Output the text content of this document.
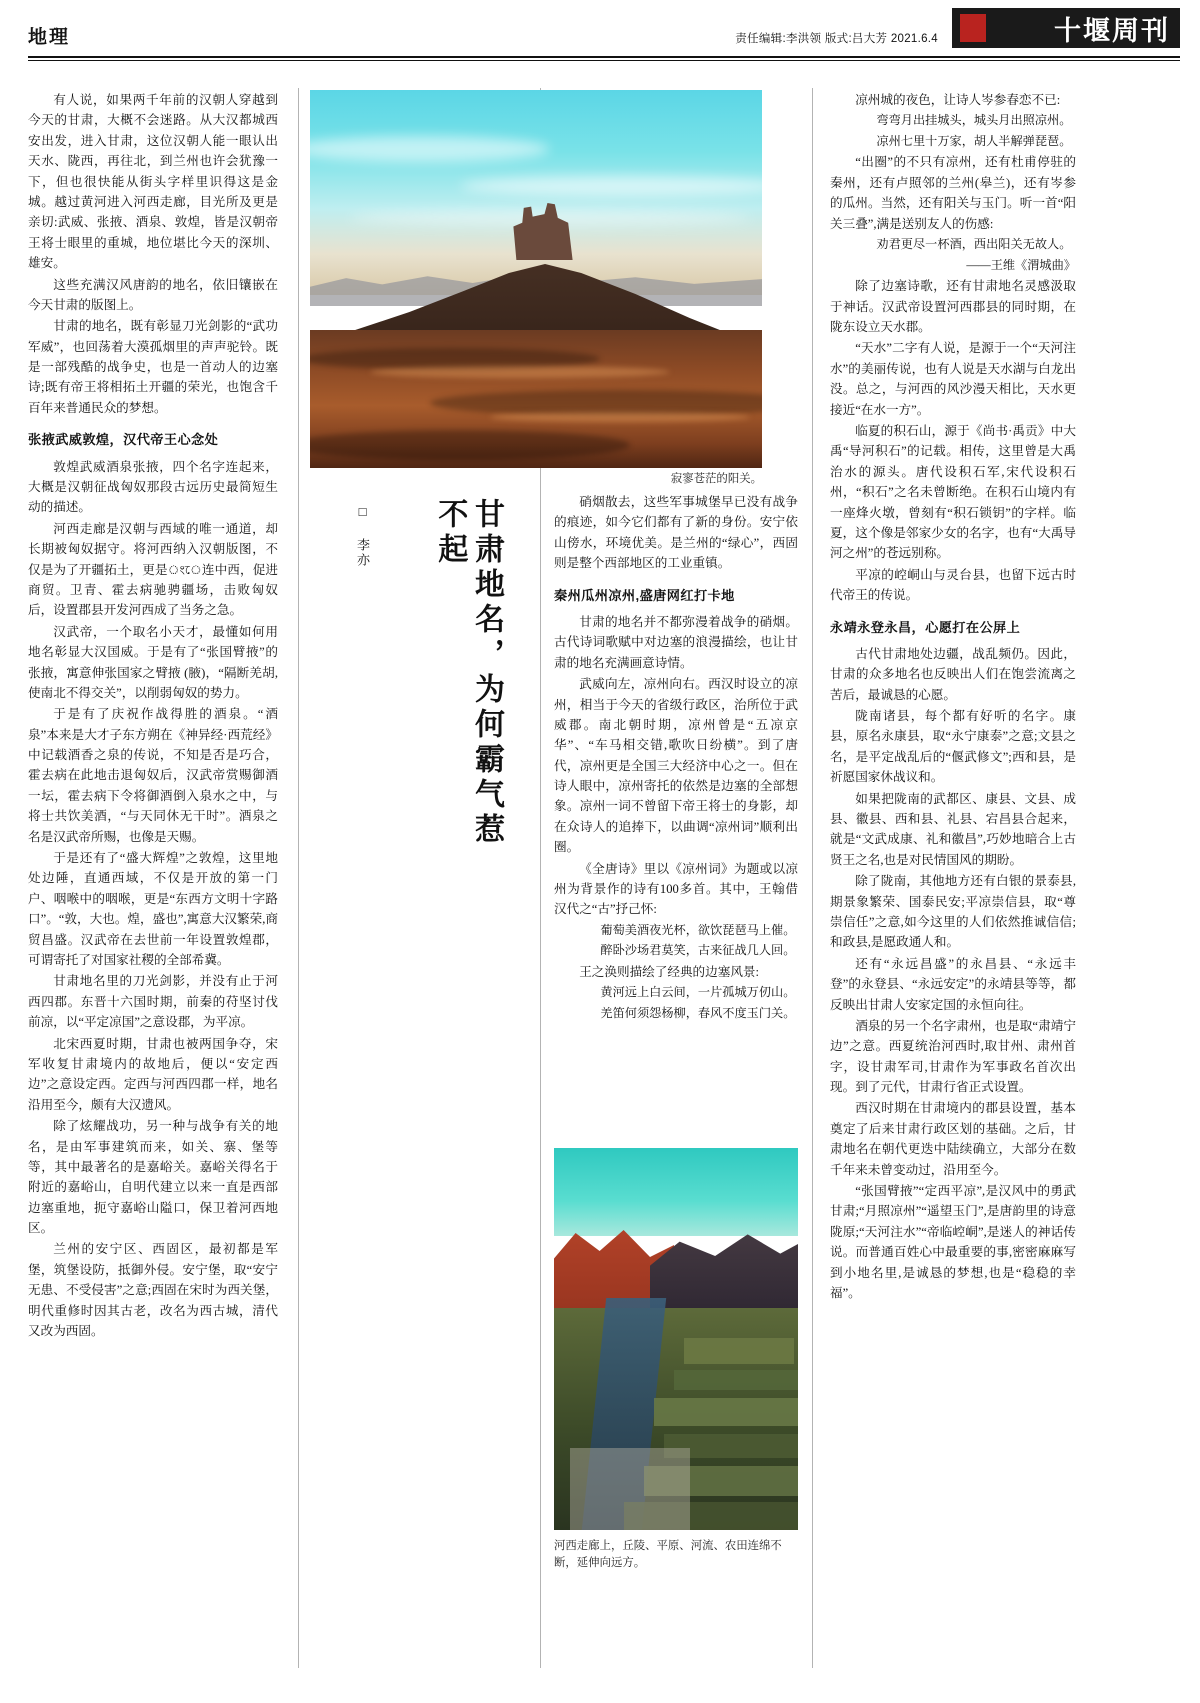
地理	责任编辑:李洪领 版式:吕大芳 2021.6.4	十堰周刊

有人说，如果两千年前的汉朝人穿越到今天的甘肃，大概不会迷路。从大汉都城西安出发，进入甘肃，这位汉朝人能一眼认出天水、陇西，再往北，到兰州也许会犹豫一下，但也很快能从街头字样里识得这是金城。越过黄河进入河西走廊，目光所及更是亲切:武威、张掖、酒泉、敦煌，皆是汉朝帝王将士眼里的重城，地位堪比今天的深圳、雄安。

这些充满汉风唐韵的地名，依旧镶嵌在今天甘肃的版图上。

甘肃的地名，既有彰显刀光剑影的“武功军威”，也回荡着大漠孤烟里的声声驼铃。既是一部残酷的战争史，也是一首动人的边塞诗;既有帝王将相拓土开疆的荣光，也饱含千百年来普通民众的梦想。

张掖武威敦煌，汉代帝王心念处

敦煌武威酒泉张掖，四个名字连起来，大概是汉朝征战匈奴那段古远历史最简短生动的描述。

河西走廊是汉朝与西域的唯一通道，却长期被匈奴据守。将河西纳入汉朝版图，不仅是为了开疆拓土，更是ংে连中西，促进商贸。卫青、霍去病驰骋疆场，击败匈奴后，设置郡县开发河西成了当务之急。

汉武帝，一个取名小天才，最懂如何用地名彰显大汉国威。于是有了“张国臂掖”的张掖，寓意伸张国家之臂掖 (腋)，“隔断羌胡,使南北不得交关”，以削弱匈奴的势力。

于是有了庆祝作战得胜的酒泉。“酒泉”本来是大才子东方朔在《神异经·西荒经》中记载酒香之泉的传说，不知是否是巧合，霍去病在此地击退匈奴后，汉武帝赏赐御酒一坛，霍去病下令将御酒倒入泉水之中，与将士共饮美酒，“与天同休无干时”。酒泉之名是汉武帝所赐，也像是天赐。

于是还有了“盛大辉煌”之敦煌，这里地处边陲，直通西域，不仅是开放的第一门户、咽喉中的咽喉，更是“东西方文明十字路口”。“敦，大也。煌，盛也”,寓意大汉繁荣,商贸昌盛。汉武帝在去世前一年设置敦煌郡，可谓寄托了对国家社稷的全部希冀。

甘肃地名里的刀光剑影，并没有止于河西四郡。东晋十六国时期，前秦的苻坚讨伐前凉，以“平定凉国”之意设郡，为平凉。

北宋西夏时期，甘肃也被两国争夺，宋军收复甘肃境内的故地后，便以“安定西边”之意设定西。定西与河西四郡一样，地名沿用至今，颇有大汉遗风。

除了炫耀战功，另一种与战争有关的地名，是由军事建筑而来，如关、寨、堡等等，其中最著名的是嘉峪关。嘉峪关得名于附近的嘉峪山，自明代建立以来一直是西部边塞重地，扼守嘉峪山隘口，保卫着河西地区。

兰州的安宁区、西固区，最初都是军堡，筑堡设防，抵御外侵。安宁堡，取“安宁无患、不受侵害”之意;西固在宋时为西关堡，明代重修时因其古老，改名为西古城，清代又改为西固。

寂寥苍茫的阳关。
□ 李亦	甘肃地名，为何霸气惹不起	硝烟散去，这些军事城堡早已没有战争的痕迹，如今它们都有了新的身份。安宁依山傍水，环境优美。是兰州的“绿心”，西固则是整个西部地区的工业重镇。

秦州瓜州凉州,盛唐网红打卡地

甘肃的地名并不都弥漫着战争的硝烟。古代诗词歌赋中对边塞的浪漫描绘，也让甘肃的地名充满画意诗情。

武威向左，凉州向右。西汉时设立的凉州，相当于今天的省级行政区，治所位于武威郡。南北朝时期，凉州曾是“五凉京华”、“车马相交错,歌吹日纷横”。到了唐代，凉州更是全国三大经济中心之一。但在诗人眼中，凉州寄托的依然是边塞的全部想象。凉州一词不曾留下帝王将士的身影，却在众诗人的追捧下，以曲调“凉州词”顺利出圈。

《全唐诗》里以《凉州词》为题或以凉州为背景作的诗有100多首。其中，王翰借汉代之“古”抒己怀:

葡萄美酒夜光杯，欲饮琵琶马上催。

醉卧沙场君莫笑，古来征战几人回。

王之涣则描绘了经典的边塞风景:

黄河远上白云间，一片孤城万仞山。

羌笛何须怨杨柳，春风不度玉门关。

河西走廊上，丘陵、平原、河流、农田连绵不断，延伸向远方。

凉州城的夜色，让诗人岑参春恋不已:

弯弯月出挂城头，城头月出照凉州。

凉州七里十万家，胡人半解弹琵琶。

“出圈”的不只有凉州，还有杜甫停驻的秦州，还有卢照邻的兰州(皋兰)，还有岑参的瓜州。当然，还有阳关与玉门。听一首“阳关三叠”,满是送别友人的伤感:

劝君更尽一杯酒，西出阳关无故人。

——王维《渭城曲》

除了边塞诗歌，还有甘肃地名灵感汲取于神话。汉武帝设置河西郡县的同时期，在陇东设立天水郡。

“天水”二字有人说，是源于一个“天河注水”的美丽传说，也有人说是天水湖与白龙出没。总之，与河西的风沙漫天相比，天水更接近“在水一方”。

临夏的积石山，源于《尚书·禹贡》中大禹“导河积石”的记载。相传，这里曾是大禹治水的源头。唐代设积石军,宋代设积石州，“积石”之名未曾断绝。在积石山境内有一座烽火墩，曾刻有“积石锁钥”的字样。临夏，这个像是邻家少女的名字，也有“大禹导河之州”的苍远别称。

平凉的崆峒山与灵台县，也留下远古时代帝王的传说。

永靖永登永昌，心愿打在公屏上

古代甘肃地处边疆，战乱频仍。因此，甘肃的众多地名也反映出人们在饱尝流离之苦后，最诚恳的心愿。

陇南诸县，每个都有好听的名字。康县，原名永康县，取“永宁康泰”之意;文县之名，是平定战乱后的“偃武修文”;西和县，是祈愿国家休战议和。

如果把陇南的武都区、康县、文县、成县、徽县、西和县、礼县、宕昌县合起来，就是“文武成康、礼和徽昌”,巧妙地暗合上古贤王之名,也是对民情国风的期盼。

除了陇南，其他地方还有白银的景泰县,期景象繁荣、国泰民安;平凉崇信县，取“尊崇信任”之意,如今这里的人们依然推诚信信;和政县,是愿政通人和。

还有“永远昌盛”的永昌县、“永远丰登”的永登县、“永远安定”的永靖县等等，都反映出甘肃人安家定国的永恒向往。

酒泉的另一个名字肃州，也是取“肃靖宁边”之意。西夏统治河西时,取甘州、肃州首字，设甘肃军司,甘肃作为军事政名首次出现。到了元代，甘肃行省正式设置。

西汉时期在甘肃境内的郡县设置，基本奠定了后来甘肃行政区划的基础。之后，甘肃地名在朝代更迭中陆续确立，大部分在数千年来未曾变动过，沿用至今。

“张国臂掖”“定西平凉”,是汉风中的勇武甘肃;“月照凉州”“遥望玉门”,是唐韵里的诗意陇原;“天河注水”“帝临崆峒”,是迷人的神话传说。而普通百姓心中最重要的事,密密麻麻写到小地名里,是诚恳的梦想,也是“稳稳的幸福”。
